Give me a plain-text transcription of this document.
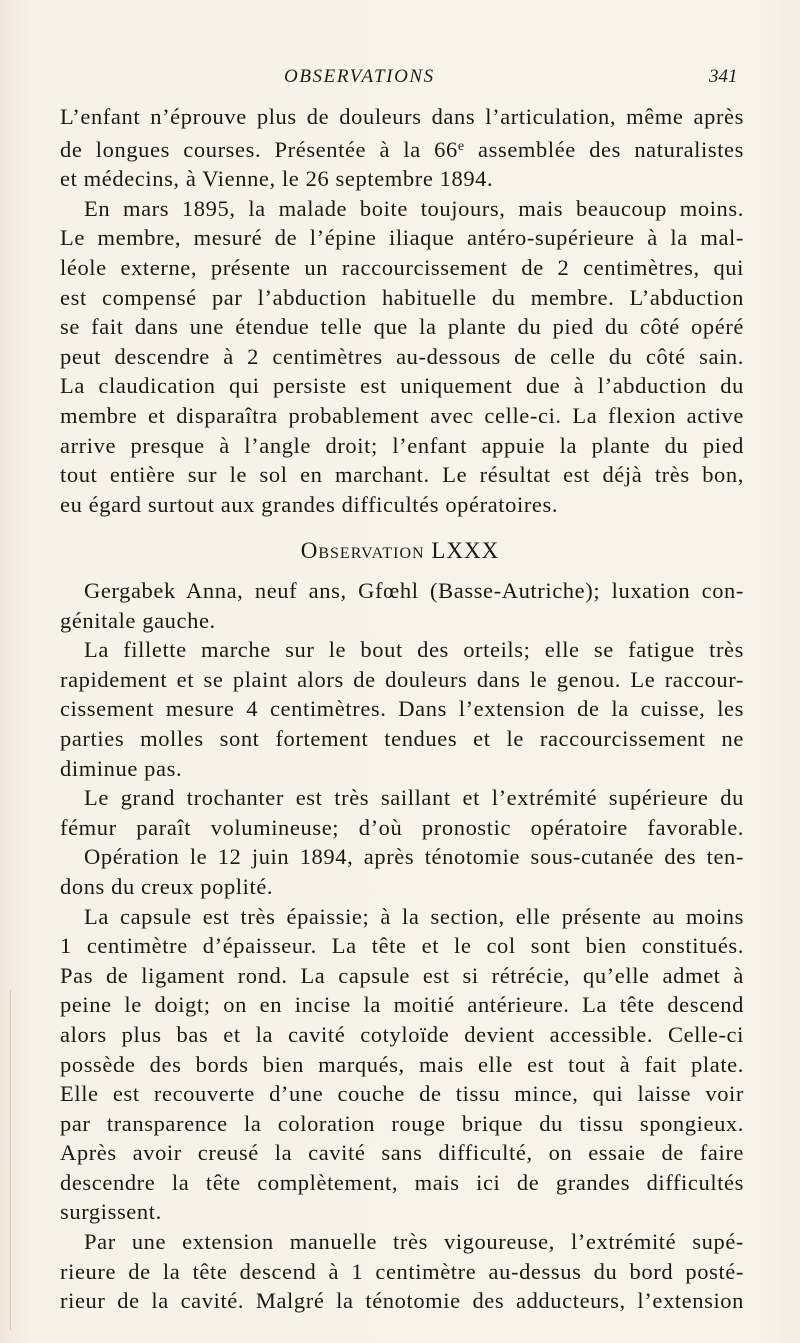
OBSERVATIONS	341
L’enfant n’éprouve plus de douleurs dans l’articulation, même après
de longues courses. Présentée à la 66e assemblée des naturalistes
et médecins, à Vienne, le 26 septembre 1894.
En mars 1895, la malade boite toujours, mais beaucoup moins.
Le membre, mesuré de l’épine iliaque antéro-supérieure à la mal-
léole externe, présente un raccourcissement de 2 centimètres, qui
est compensé par l’abduction habituelle du membre. L’abduction
se fait dans une étendue telle que la plante du pied du côté opéré
peut descendre à 2 centimètres au-dessous de celle du côté sain.
La claudication qui persiste est uniquement due à l’abduction du
membre et disparaîtra probablement avec celle-ci. La flexion active
arrive presque à l’angle droit; l’enfant appuie la plante du pied
tout entière sur le sol en marchant. Le résultat est déjà très bon,
eu égard surtout aux grandes difficultés opératoires.
Observation LXXX
Gergabek Anna, neuf ans, Gfœhl (Basse-Autriche); luxation con-
génitale gauche.
La fillette marche sur le bout des orteils; elle se fatigue très
rapidement et se plaint alors de douleurs dans le genou. Le raccour-
cissement mesure 4 centimètres. Dans l’extension de la cuisse, les
parties molles sont fortement tendues et le raccourcissement ne
diminue pas.
Le grand trochanter est très saillant et l’extrémité supérieure du
fémur paraît volumineuse; d’où pronostic opératoire favorable.
Opération le 12 juin 1894, après ténotomie sous-cutanée des ten-
dons du creux poplité.
La capsule est très épaissie; à la section, elle présente au moins
1 centimètre d’épaisseur. La tête et le col sont bien constitués.
Pas de ligament rond. La capsule est si rétrécie, qu’elle admet à
peine le doigt; on en incise la moitié antérieure. La tête descend
alors plus bas et la cavité cotyloïde devient accessible. Celle-ci
possède des bords bien marqués, mais elle est tout à fait plate.
Elle est recouverte d’une couche de tissu mince, qui laisse voir
par transparence la coloration rouge brique du tissu spongieux.
Après avoir creusé la cavité sans difficulté, on essaie de faire
descendre la tête complètement, mais ici de grandes difficultés
surgissent.
Par une extension manuelle très vigoureuse, l’extrémité supé-
rieure de la tête descend à 1 centimètre au-dessus du bord posté-
rieur de la cavité. Malgré la ténotomie des adducteurs, l’extension
